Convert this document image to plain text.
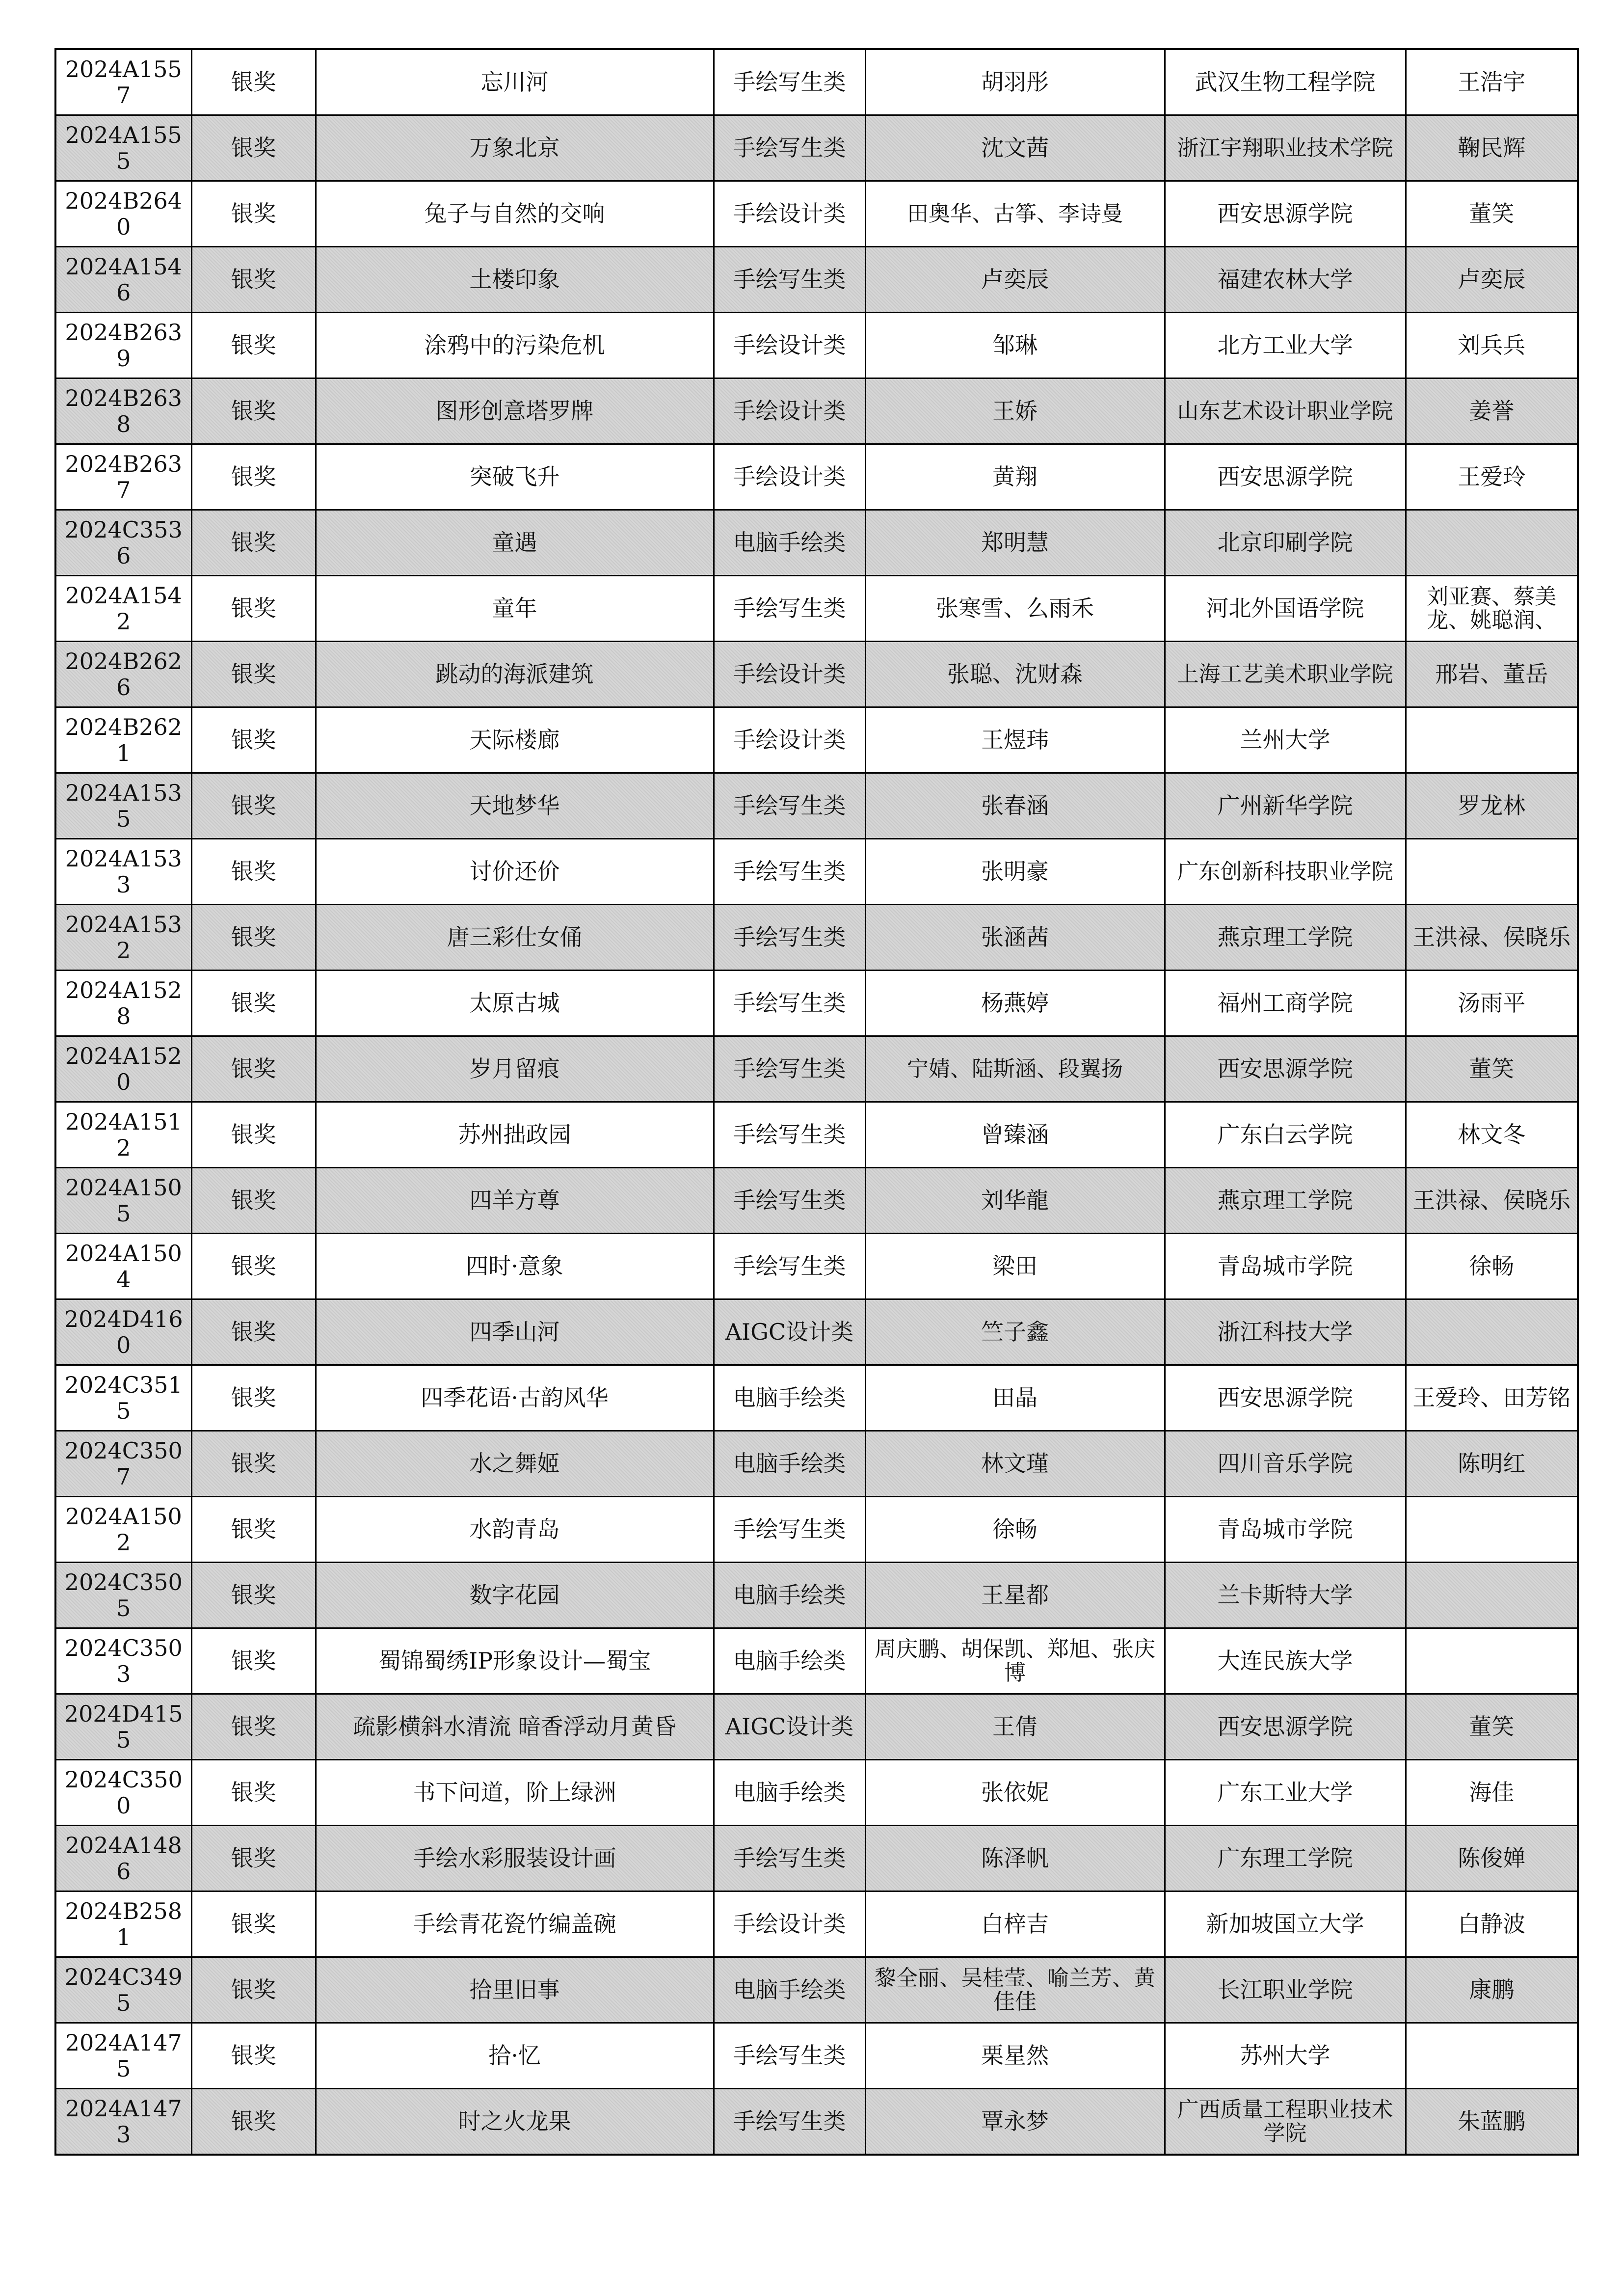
2024A1557	银奖	忘川河	手绘写生类	胡羽彤	武汉生物工程学院	王浩宇
2024A1555	银奖	万象北京	手绘写生类	沈文茜	浙江宇翔职业技术学院	鞠民辉
2024B2640	银奖	兔子与自然的交响	手绘设计类	田奥华、古筝、李诗曼	西安思源学院	董笑
2024A1546	银奖	土楼印象	手绘写生类	卢奕辰	福建农林大学	卢奕辰
2024B2639	银奖	涂鸦中的污染危机	手绘设计类	邹琳	北方工业大学	刘兵兵
2024B2638	银奖	图形创意塔罗牌	手绘设计类	王娇	山东艺术设计职业学院	姜誉
2024B2637	银奖	突破飞升	手绘设计类	黄翔	西安思源学院	王爱玲
2024C3536	银奖	童遇	电脑手绘类	郑明慧	北京印刷学院	
2024A1542	银奖	童年	手绘写生类	张寒雪、么雨禾	河北外国语学院	刘亚赛、蔡美龙、姚聪润、
2024B2626	银奖	跳动的海派建筑	手绘设计类	张聪、沈财森	上海工艺美术职业学院	邢岩、董岳
2024B2621	银奖	天际楼廊	手绘设计类	王煜玮	兰州大学	
2024A1535	银奖	天地梦华	手绘写生类	张春涵	广州新华学院	罗龙林
2024A1533	银奖	讨价还价	手绘写生类	张明豪	广东创新科技职业学院	
2024A1532	银奖	唐三彩仕女俑	手绘写生类	张涵茜	燕京理工学院	王洪禄、侯晓乐
2024A1528	银奖	太原古城	手绘写生类	杨燕婷	福州工商学院	汤雨平
2024A1520	银奖	岁月留痕	手绘写生类	宁婧、陆斯涵、段翼扬	西安思源学院	董笑
2024A1512	银奖	苏州拙政园	手绘写生类	曾臻涵	广东白云学院	林文冬
2024A1505	银奖	四羊方尊	手绘写生类	刘华龍	燕京理工学院	王洪禄、侯晓乐
2024A1504	银奖	四时·意象	手绘写生类	梁田	青岛城市学院	徐畅
2024D4160	银奖	四季山河	AIGC设计类	竺子鑫	浙江科技大学	
2024C3515	银奖	四季花语·古韵风华	电脑手绘类	田晶	西安思源学院	王爱玲、田芳铭
2024C3507	银奖	水之舞姬	电脑手绘类	林文瑾	四川音乐学院	陈明红
2024A1502	银奖	水韵青岛	手绘写生类	徐畅	青岛城市学院	
2024C3505	银奖	数字花园	电脑手绘类	王星都	兰卡斯特大学	
2024C3503	银奖	蜀锦蜀绣IP形象设计—蜀宝	电脑手绘类	周庆鹏、胡保凯、郑旭、张庆博	大连民族大学	
2024D4155	银奖	疏影横斜水清流 暗香浮动月黄昏	AIGC设计类	王倩	西安思源学院	董笑
2024C3500	银奖	书下问道，阶上绿洲	电脑手绘类	张依妮	广东工业大学	海佳
2024A1486	银奖	手绘水彩服装设计画	手绘写生类	陈泽帆	广东理工学院	陈俊婵
2024B2581	银奖	手绘青花瓷竹编盖碗	手绘设计类	白梓吉	新加坡国立大学	白静波
2024C3495	银奖	拾里旧事	电脑手绘类	黎全丽、吴桂莹、喻兰芳、黄佳佳	长江职业学院	康鹏
2024A1475	银奖	拾·忆	手绘写生类	栗星然	苏州大学	
2024A1473	银奖	时之火龙果	手绘写生类	覃永梦	广西质量工程职业技术学院	朱蓝鹏
